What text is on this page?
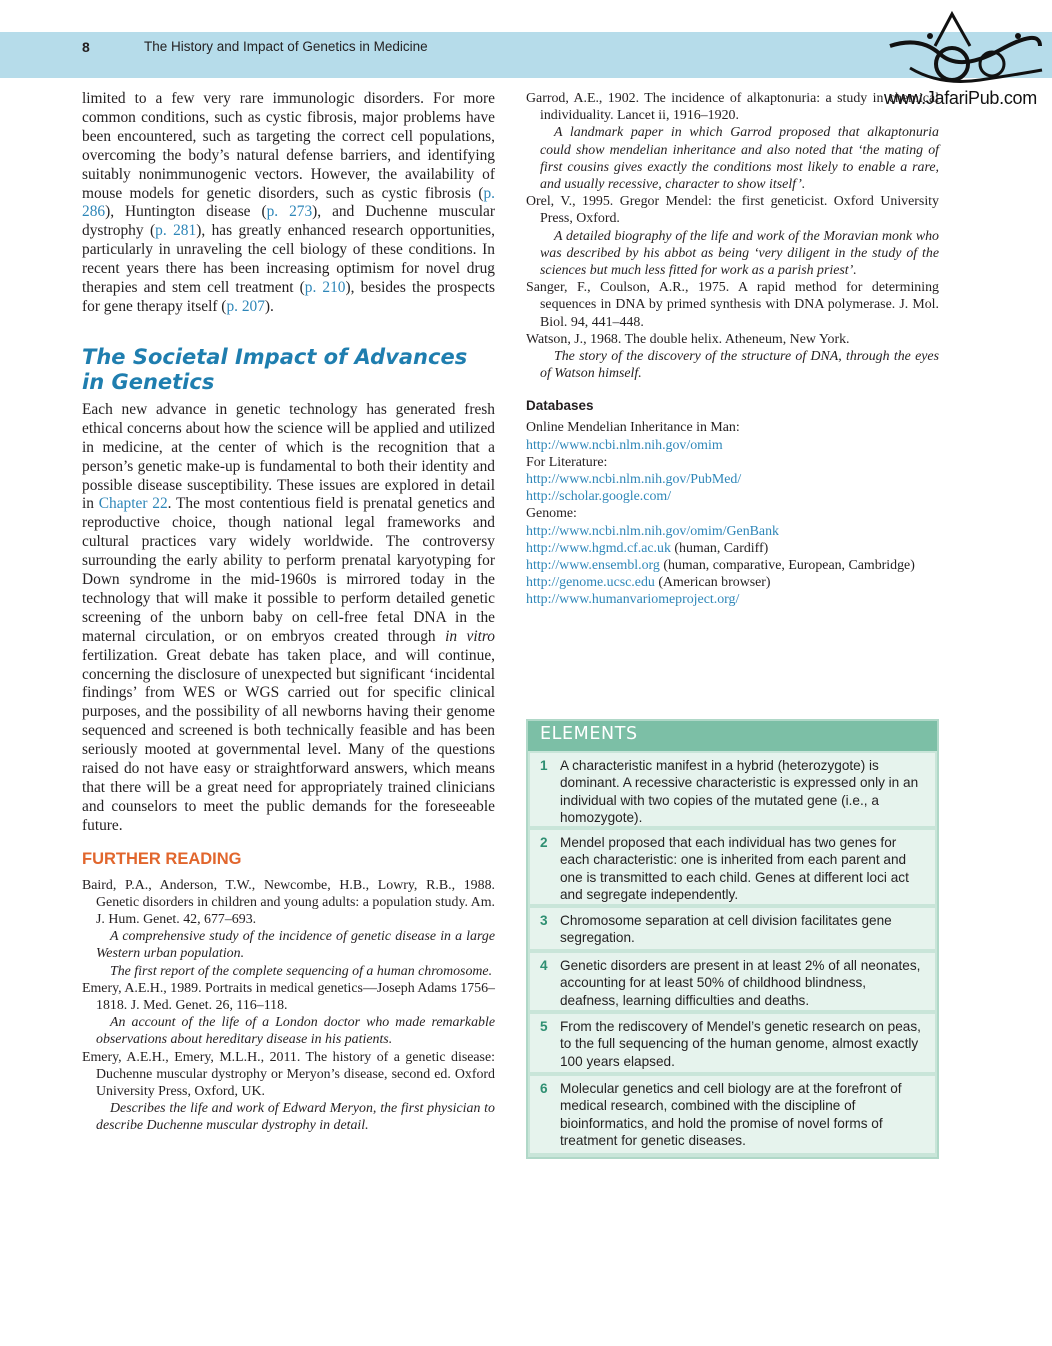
8	The History and Impact of Genetics in Medicine
www.JafariPub.com

limited to a few very rare immunologic disorders. For more common conditions, such as cystic fibrosis, major problems have been encountered, such as targeting the correct cell populations, overcoming the body’s natural defense barriers, and identifying suitably nonimmunogenic vectors. However, the availability of mouse models for genetic disorders, such as cystic fibrosis (p. 286), Huntington disease (p. 273), and Duchenne muscular dystrophy (p. 281), has greatly enhanced research opportunities, particularly in unraveling the cell biology of these conditions. In recent years there has been increasing optimism for novel drug therapies and stem cell treatment (p. 210), besides the prospects for gene therapy itself (p. 207).

The Societal Impact of Advances
in Genetics

Each new advance in genetic technology has generated fresh ethical concerns about how the science will be applied and utilized in medicine, at the center of which is the recognition that a person’s genetic make-up is fundamental to both their identity and possible disease susceptibility. These issues are explored in detail in Chapter 22. The most contentious field is prenatal genetics and reproductive choice, though national legal frameworks and cultural practices vary widely worldwide. The controversy surrounding the early ability to perform prenatal karyotyping for Down syndrome in the mid-1960s is mirrored today in the technology that will make it possible to perform detailed genetic screening of the unborn baby on cell-free fetal DNA in the maternal circulation, or on embryos created through in vitro fertilization. Great debate has taken place, and will continue, concerning the disclosure of unexpected but significant ‘incidental findings’ from WES or WGS carried out for specific clinical purposes, and the possibility of all newborns having their genome sequenced and screened is both technically feasible and has been seriously mooted at governmental level. Many of the questions raised do not have easy or straightforward answers, which means that there will be a great need for appropriately trained clinicians and counselors to meet the public demands for the foreseeable future.

FURTHER READING
Baird, P.A., Anderson, T.W., Newcombe, H.B., Lowry, R.B., 1988. Genetic disorders in children and young adults: a population study. Am. J. Hum. Genet. 42, 677–693.
A comprehensive study of the incidence of genetic disease in a large Western urban population.
The first report of the complete sequencing of a human chromosome.
Emery, A.E.H., 1989. Portraits in medical genetics—Joseph Adams 1756–1818. J. Med. Genet. 26, 116–118.
An account of the life of a London doctor who made remarkable observations about hereditary disease in his patients.
Emery, A.E.H., Emery, M.L.H., 2011. The history of a genetic disease: Duchenne muscular dystrophy or Meryon’s disease, second ed. Oxford University Press, Oxford, UK.
Describes the life and work of Edward Meryon, the first physician to describe Duchenne muscular dystrophy in detail.
Garrod, A.E., 1902. The incidence of alkaptonuria: a study in chemical individuality. Lancet ii, 1916–1920.
A landmark paper in which Garrod proposed that alkaptonuria could show mendelian inheritance and also noted that ‘the mating of first cousins gives exactly the conditions most likely to enable a rare, and usually recessive, character to show itself’.
Orel, V., 1995. Gregor Mendel: the first geneticist. Oxford University Press, Oxford.
A detailed biography of the life and work of the Moravian monk who was described by his abbot as being ‘very diligent in the study of the sciences but much less fitted for work as a parish priest’.
Sanger, F., Coulson, A.R., 1975. A rapid method for determining sequences in DNA by primed synthesis with DNA polymerase. J. Mol. Biol. 94, 441–448.
Watson, J., 1968. The double helix. Atheneum, New York.
The story of the discovery of the structure of DNA, through the eyes of Watson himself.
Databases
Online Mendelian Inheritance in Man:
http://www.ncbi.nlm.nih.gov/omim
For Literature:
http://www.ncbi.nlm.nih.gov/PubMed/
http://scholar.google.com/
Genome:
http://www.ncbi.nlm.nih.gov/omim/GenBank
http://www.hgmd.cf.ac.uk (human, Cardiff)
http://www.ensembl.org (human, comparative, European, Cambridge)
http://genome.ucsc.edu (American browser)
http://www.humanvariomeproject.org/
ELEMENTS
1 A characteristic manifest in a hybrid (heterozygote) is dominant. A recessive characteristic is expressed only in an individual with two copies of the mutated gene (i.e., a homozygote).
2 Mendel proposed that each individual has two genes for each characteristic: one is inherited from each parent and one is transmitted to each child. Genes at different loci act and segregate independently.
3 Chromosome separation at cell division facilitates gene segregation.
4 Genetic disorders are present in at least 2% of all neonates, accounting for at least 50% of childhood blindness, deafness, learning difficulties and deaths.
5 From the rediscovery of Mendel’s genetic research on peas, to the full sequencing of the human genome, almost exactly 100 years elapsed.
6 Molecular genetics and cell biology are at the forefront of medical research, combined with the discipline of bioinformatics, and hold the promise of novel forms of treatment for genetic diseases.
